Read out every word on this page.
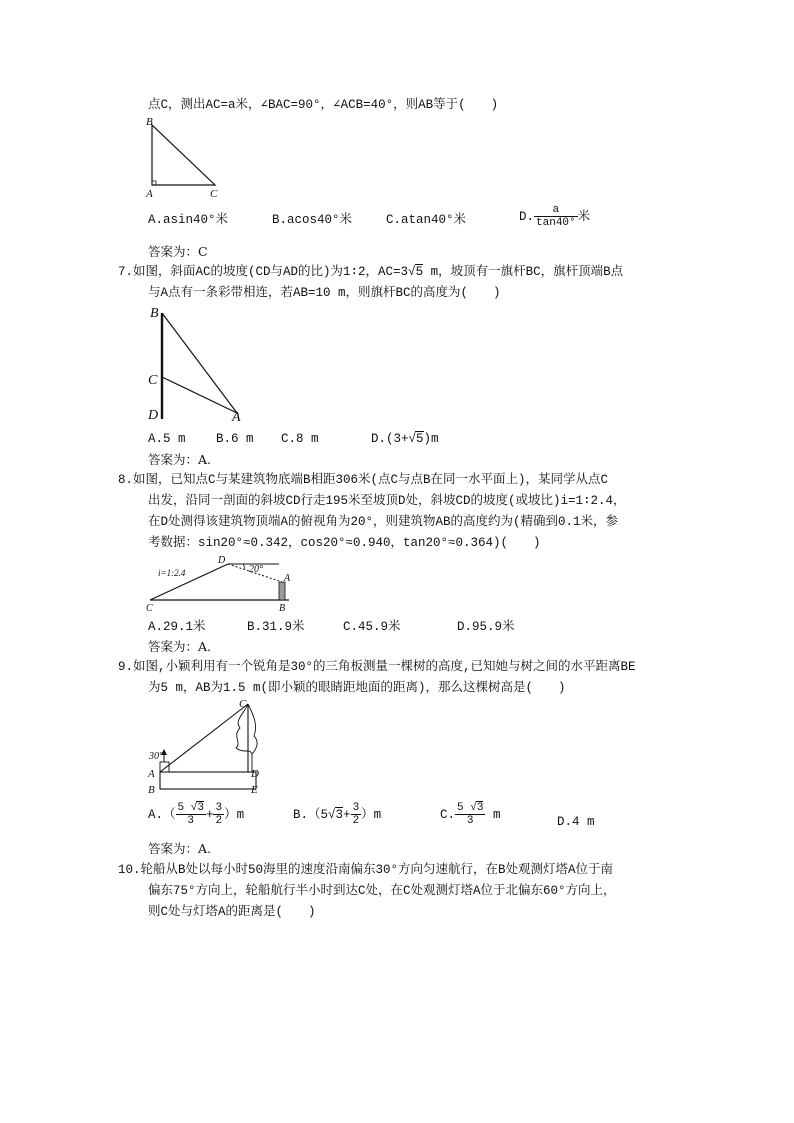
点C，测出AC=a米，∠BAC=90°，∠ACB=40°，则AB等于(　　)
B
A	C
A.asin40°米	B.acos40°米	C.atan40°米	D. $\frac{a}{\tan 40^\circ}$ 米
答案为：C
7.如图，斜面AC的坡度(CD与AD的比)为1∶2，AC=3√5 m，坡顶有一旗杆BC，旗杆顶端B点
与A点有一条彩带相连，若AB=10 m，则旗杆BC的高度为(　　)
B
C
D	A
A.5 m B.6 m C.8 m	D.(3+√5)m
答案为：A.
8.如图，已知点C与某建筑物底端B相距306米(点C与点B在同一水平面上)，某同学从点C
出发，沿同一剖面的斜坡CD行走195米至坡顶D处，斜坡CD的坡度(或坡比)i=1∶2.4，
在D处测得该建筑物顶端A的俯视角为20°，则建筑物AB的高度约为(精确到0.1米，参
考数据：sin20°≈0.342，cos20°≈0.940，tan20°≈0.364)(　　)
i=1:2.4
D
20°
A
C	B
A.29.1米	B.31.9米	C.45.9米	D.95.9米
答案为：A.
9.如图,小颖利用有一个锐角是30°的三角板测量一棵树的高度,已知她与树之间的水平距离BE
为5 m，AB为1.5 m(即小颖的眼睛距地面的距离)，那么这棵树高是(　　)
30°
C
A	D
B	E
$A.( \frac{5 √3}{3} + \frac{3}{2} )m$	$B.(5√3+ \frac{3}{2} )m$	C. $\frac{5 √3}{3}$ m
D.4 m
答案为：A.
10.轮船从B处以每小时50海里的速度沿南偏东30°方向匀速航行，在B处观测灯塔A位于南
偏东75°方向上，轮船航行半小时到达C处，在C处观测灯塔A位于北偏东60°方向上，
则C处与灯塔A的距离是(　　)
